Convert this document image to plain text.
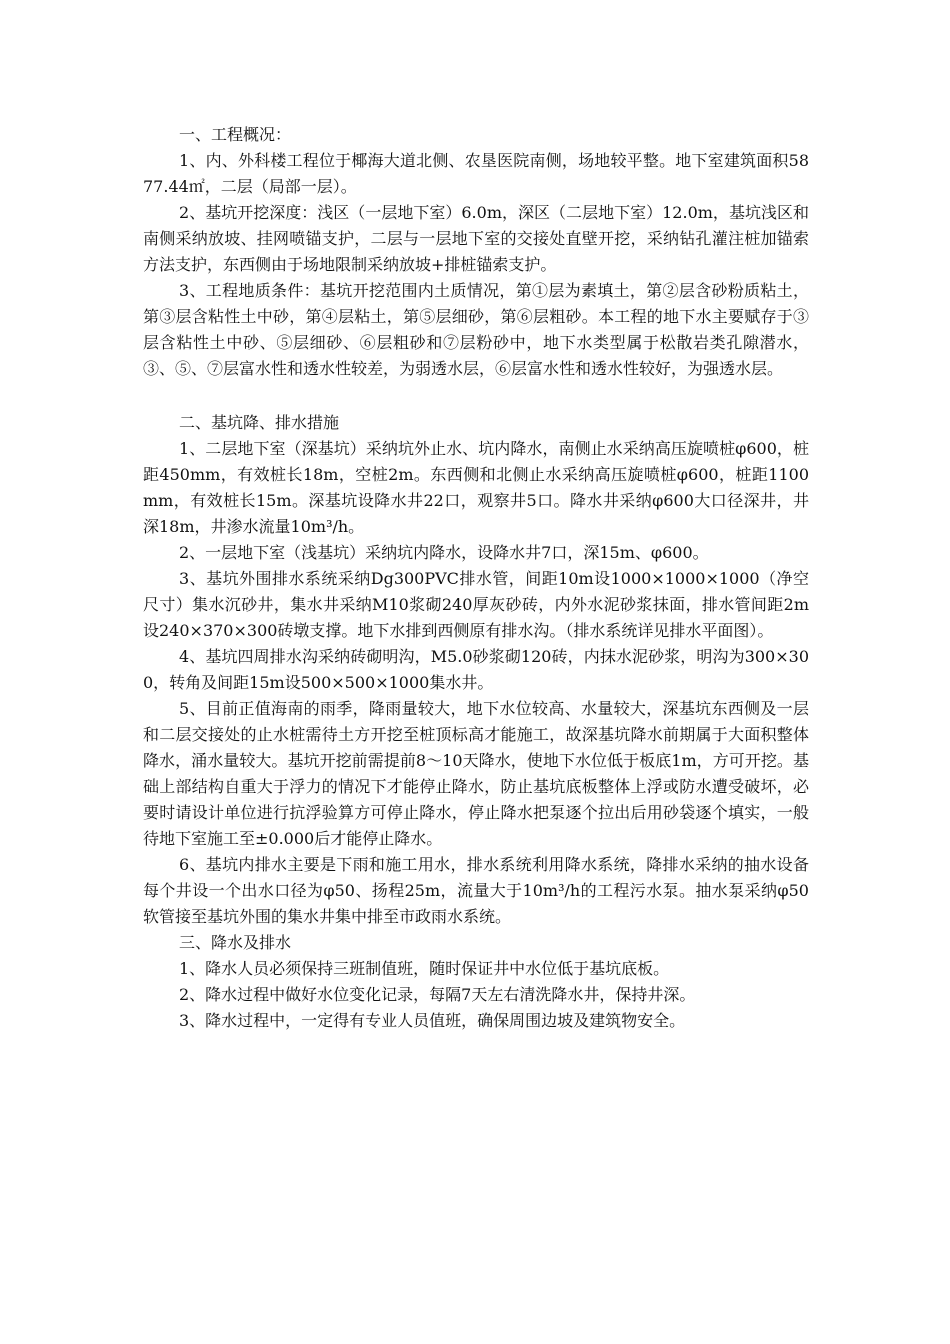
一、工程概况：

1、内、外科楼工程位于椰海大道北侧、农垦医院南侧，场地较平整。地下室建筑面积5877.44㎡，二层（局部一层）。

2、基坑开挖深度：浅区（一层地下室）6.0m，深区（二层地下室）12.0m，基坑浅区和南侧采纳放坡、挂网喷锚支护，二层与一层地下室的交接处直壁开挖，采纳钻孔灌注桩加锚索方法支护，东西侧由于场地限制采纳放坡+排桩锚索支护。

3、工程地质条件：基坑开挖范围内土质情况，第①层为素填土，第②层含砂粉质粘土，第③层含粘性土中砂，第④层粘土，第⑤层细砂，第⑥层粗砂。本工程的地下水主要赋存于③层含粘性土中砂、⑤层细砂、⑥层粗砂和⑦层粉砂中，地下水类型属于松散岩类孔隙潜水，③、⑤、⑦层富水性和透水性较差，为弱透水层，⑥层富水性和透水性较好，为强透水层。

二、基坑降、排水措施

1、二层地下室（深基坑）采纳坑外止水、坑内降水，南侧止水采纳高压旋喷桩φ600，桩距450mm，有效桩长18m，空桩2m。东西侧和北侧止水采纳高压旋喷桩φ600，桩距1100mm，有效桩长15m。深基坑设降水井22口，观察井5口。降水井采纳φ600大口径深井，井深18m，井渗水流量10m³/h。

2、一层地下室（浅基坑）采纳坑内降水，设降水井7口，深15m、φ600。

3、基坑外围排水系统采纳Dg300PVC排水管，间距10m设1000×1000×1000（净空尺寸）集水沉砂井，集水井采纳M10浆砌240厚灰砂砖，内外水泥砂浆抹面，排水管间距2m设240×370×300砖墩支撑。地下水排到西侧原有排水沟。（排水系统详见排水平面图）。

4、基坑四周排水沟采纳砖砌明沟，M5.0砂浆砌120砖，内抹水泥砂浆，明沟为300×300，转角及间距15m设500×500×1000集水井。

5、目前正值海南的雨季，降雨量较大，地下水位较高、水量较大，深基坑东西侧及一层和二层交接处的止水桩需待土方开挖至桩顶标高才能施工，故深基坑降水前期属于大面积整体降水，涌水量较大。基坑开挖前需提前8～10天降水，使地下水位低于板底1m，方可开挖。基础上部结构自重大于浮力的情况下才能停止降水，防止基坑底板整体上浮或防水遭受破坏，必要时请设计单位进行抗浮验算方可停止降水，停止降水把泵逐个拉出后用砂袋逐个填实，一般待地下室施工至±0.000后才能停止降水。

6、基坑内排水主要是下雨和施工用水，排水系统利用降水系统，降排水采纳的抽水设备每个井设一个出水口径为φ50、扬程25m，流量大于10m³/h的工程污水泵。抽水泵采纳φ50软管接至基坑外围的集水井集中排至市政雨水系统。

三、降水及排水

1、降水人员必须保持三班制值班，随时保证井中水位低于基坑底板。

2、降水过程中做好水位变化记录，每隔7天左右清洗降水井，保持井深。

3、降水过程中，一定得有专业人员值班，确保周围边坡及建筑物安全。
